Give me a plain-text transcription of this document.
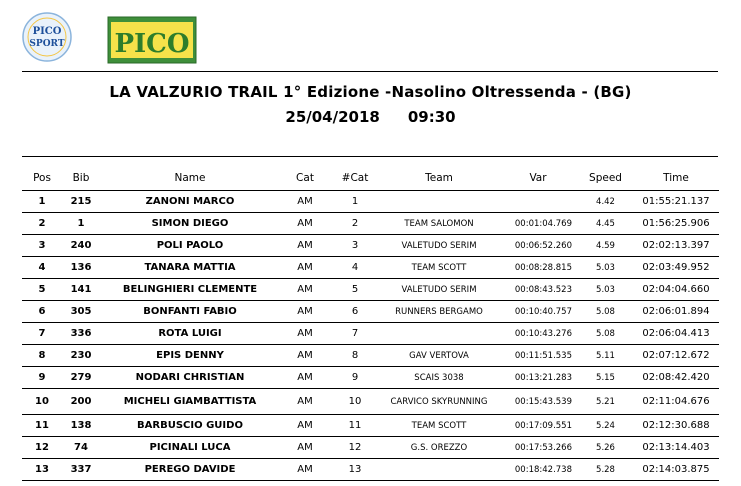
PICO
SPORT PICO
LA VALZURIO TRAIL 1° Edizione -Nasolino Oltressenda - (BG)
25/04/2018 09:30
Pos	Bib	Name	Cat	#Cat	Team	Var	Speed	Time
1	215	ZANONI MARCO	AM	1			4.42	01:55:21.137
2	1	SIMON DIEGO	AM	2	TEAM SALOMON	00:01:04.769	4.45	01:56:25.906
3	240	POLI PAOLO	AM	3	VALETUDO SERIM	00:06:52.260	4.59	02:02:13.397
4	136	TANARA MATTIA	AM	4	TEAM SCOTT	00:08:28.815	5.03	02:03:49.952
5	141	BELINGHIERI CLEMENTE	AM	5	VALETUDO SERIM	00:08:43.523	5.03	02:04:04.660
6	305	BONFANTI FABIO	AM	6	RUNNERS BERGAMO	00:10:40.757	5.08	02:06:01.894
7	336	ROTA LUIGI	AM	7		00:10:43.276	5.08	02:06:04.413
8	230	EPIS DENNY	AM	8	GAV VERTOVA	00:11:51.535	5.11	02:07:12.672
9	279	NODARI CHRISTIAN	AM	9	SCAIS 3038	00:13:21.283	5.15	02:08:42.420
10	200	MICHELI GIAMBATTISTA	AM	10	CARVICO SKYRUNNING	00:15:43.539	5.21	02:11:04.676
11	138	BARBUSCIO GUIDO	AM	11	TEAM SCOTT	00:17:09.551	5.24	02:12:30.688
12	74	PICINALI LUCA	AM	12	G.S. OREZZO	00:17:53.266	5.26	02:13:14.403
13	337	PEREGO DAVIDE	AM	13		00:18:42.738	5.28	02:14:03.875
